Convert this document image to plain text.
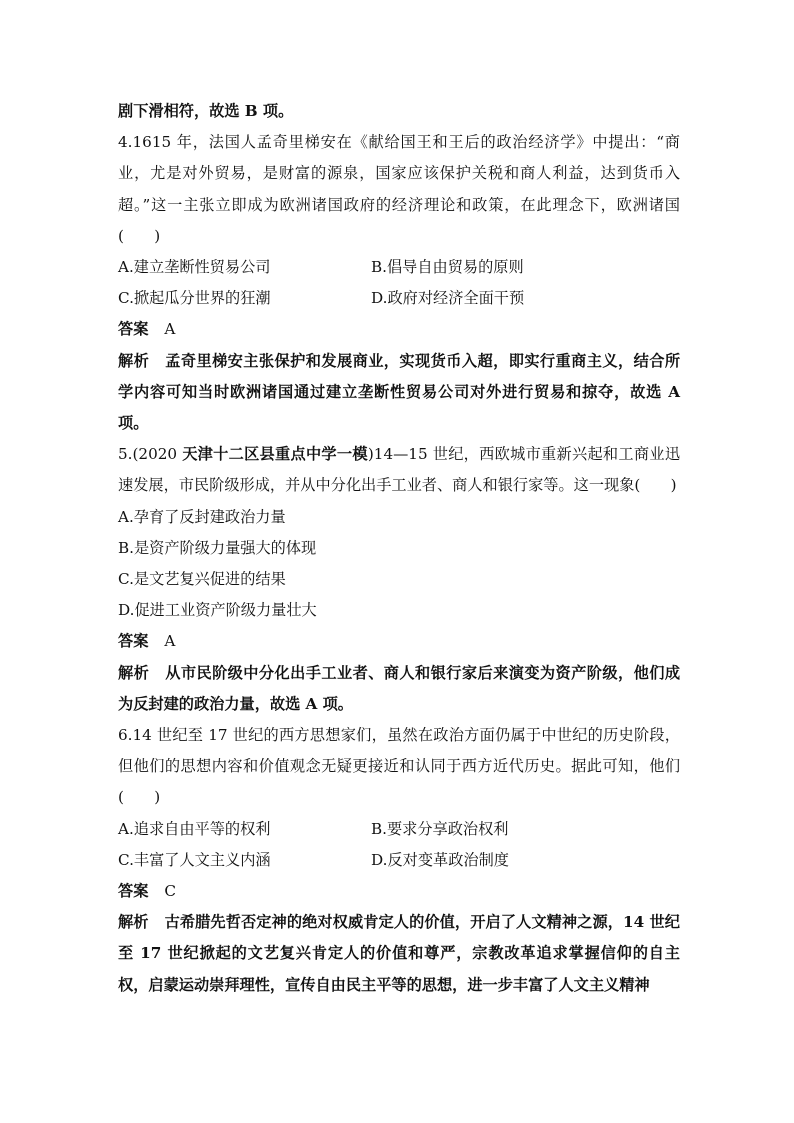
剧下滑相符，故选 B 项。
4.1615 年，法国人孟奇里梯安在《献给国王和王后的政治经济学》中提出：“商业，尤是对外贸易，是财富的源泉，国家应该保护关税和商人利益，达到货币入超。”这一主张立即成为欧洲诸国政府的经济理论和政策，在此理念下，欧洲诸国(　　)
A.建立垄断性贸易公司	B.倡导自由贸易的原则
C.掀起瓜分世界的狂潮	D.政府对经济全面干预
答案 A
解析 孟奇里梯安主张保护和发展商业，实现货币入超，即实行重商主义，结合所学内容可知当时欧洲诸国通过建立垄断性贸易公司对外进行贸易和掠夺，故选 A 项。
5.(2020 天津十二区县重点中学一模)14—15 世纪，西欧城市重新兴起和工商业迅速发展，市民阶级形成，并从中分化出手工业者、商人和银行家等。这一现象(　　)
A.孕育了反封建政治力量
B.是资产阶级力量强大的体现
C.是文艺复兴促进的结果
D.促进工业资产阶级力量壮大
答案 A
解析 从市民阶级中分化出手工业者、商人和银行家后来演变为资产阶级，他们成为反封建的政治力量，故选 A 项。
6.14 世纪至 17 世纪的西方思想家们，虽然在政治方面仍属于中世纪的历史阶段，但他们的思想内容和价值观念无疑更接近和认同于西方近代历史。据此可知，他们(　　)
A.追求自由平等的权利	B.要求分享政治权利
C.丰富了人文主义内涵	D.反对变革政治制度
答案 C
解析 古希腊先哲否定神的绝对权威肯定人的价值，开启了人文精神之源，14 世纪至 17 世纪掀起的文艺复兴肯定人的价值和尊严，宗教改革追求掌握信仰的自主权，启蒙运动崇拜理性，宣传自由民主平等的思想，进一步丰富了人文主义精神
